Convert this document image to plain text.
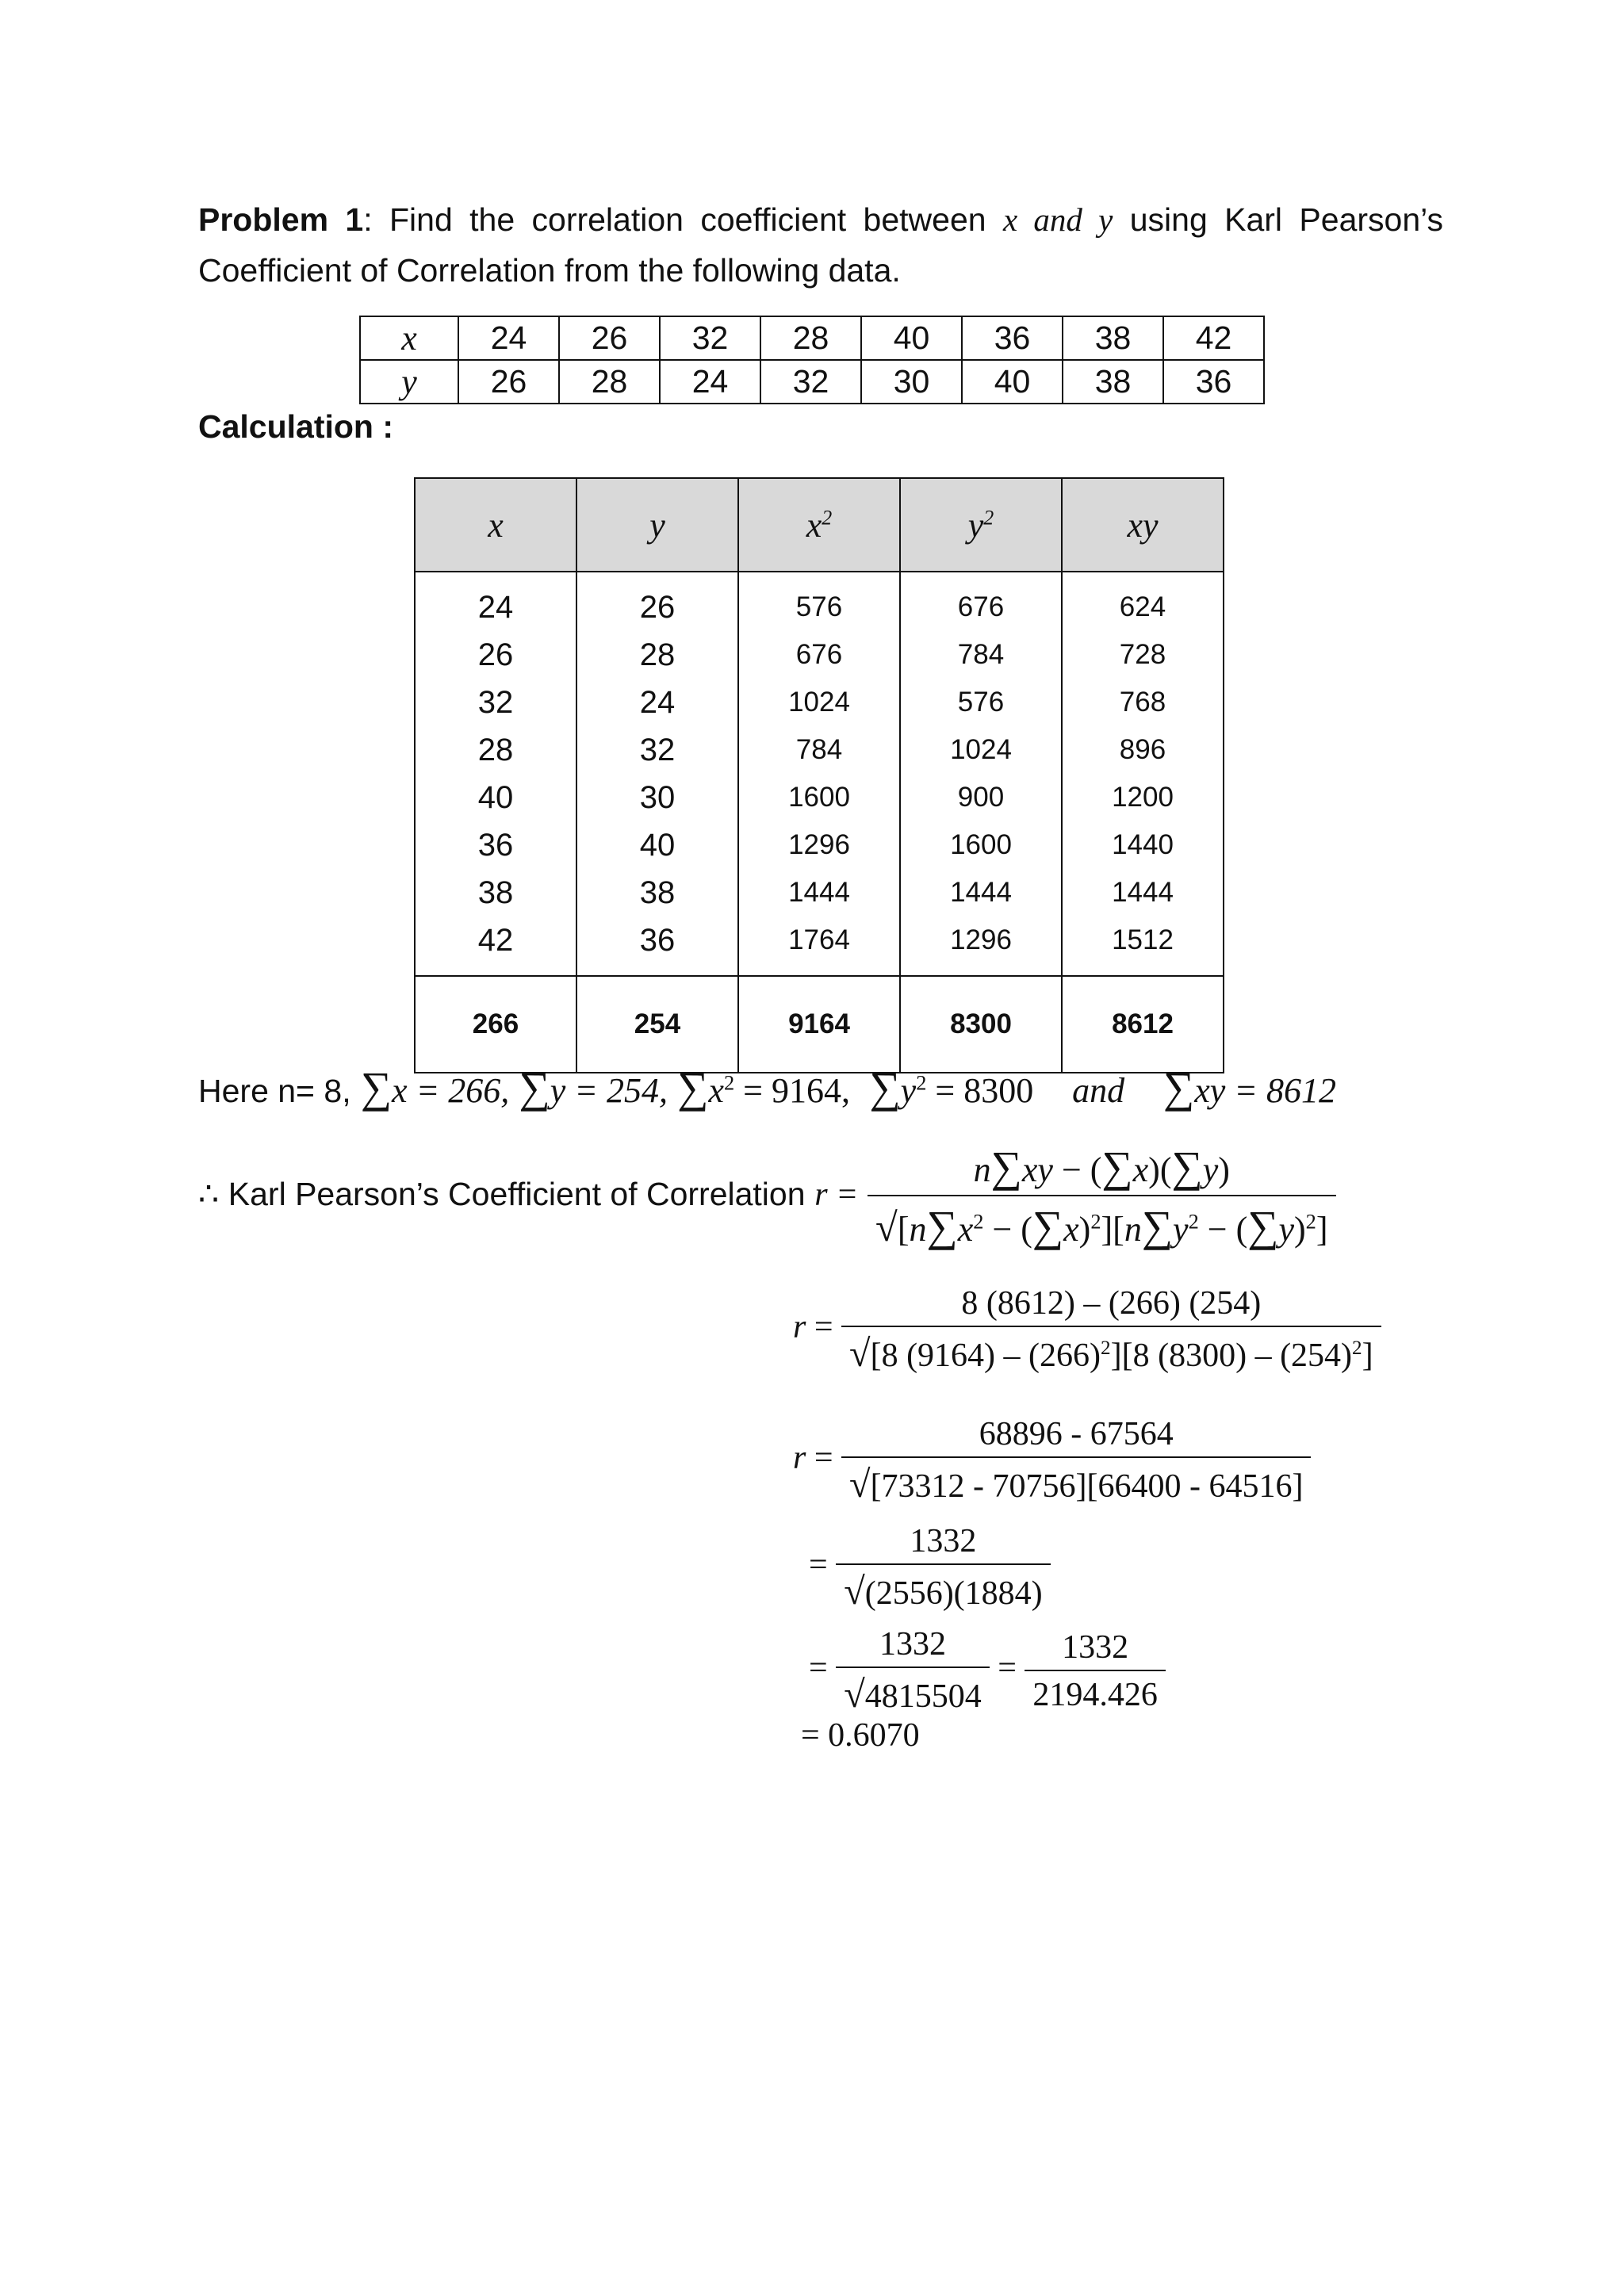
Problem 1: Find the correlation coefficient between x and y using Karl Pearson’s Coefficient of Correlation from the following data.
x	24	26	32	28	40	36	38	42
y	26	28	24	32	30	40	38	36
Calculation :
x	y	$x^2$	$y^2$	xy
24	26	576	676	624
26	28	676	784	728
32	24	1024	576	768
28	32	784	1024	896
40	30	1600	900	1200
36	40	1296	1600	1440
38	38	1444	1444	1444
42	36	1764	1296	1512
266	254	9164	8300	8612
Here n= 8, ∑x = 266, ∑y = 254, $\sum x^2 = 9164$, $\sum y^2 = 8300$ and ∑xy = 8612
∴ Karl Pearson’s Coefficient of Correlation $r = \frac{n\sum xy - (\sum x)(\sum y)}{√[n\sum x^2 - (\sum x)^2][n\sum y^2 - (\sum y)^2]}$
$r = \frac{8 (8612) - (266) (254)}{√[8 (9164) - (266)^2][8 (8300) - (254)^2]}$
$r = \frac{68896 - 67564}{√[73312 - 70756][66400 - 64516]}$
= $\frac{1332}{√(2556)(1884)}$
= $\frac{1332}{√4815504} = \frac{1332}{2194.426}$
= 0.6070
